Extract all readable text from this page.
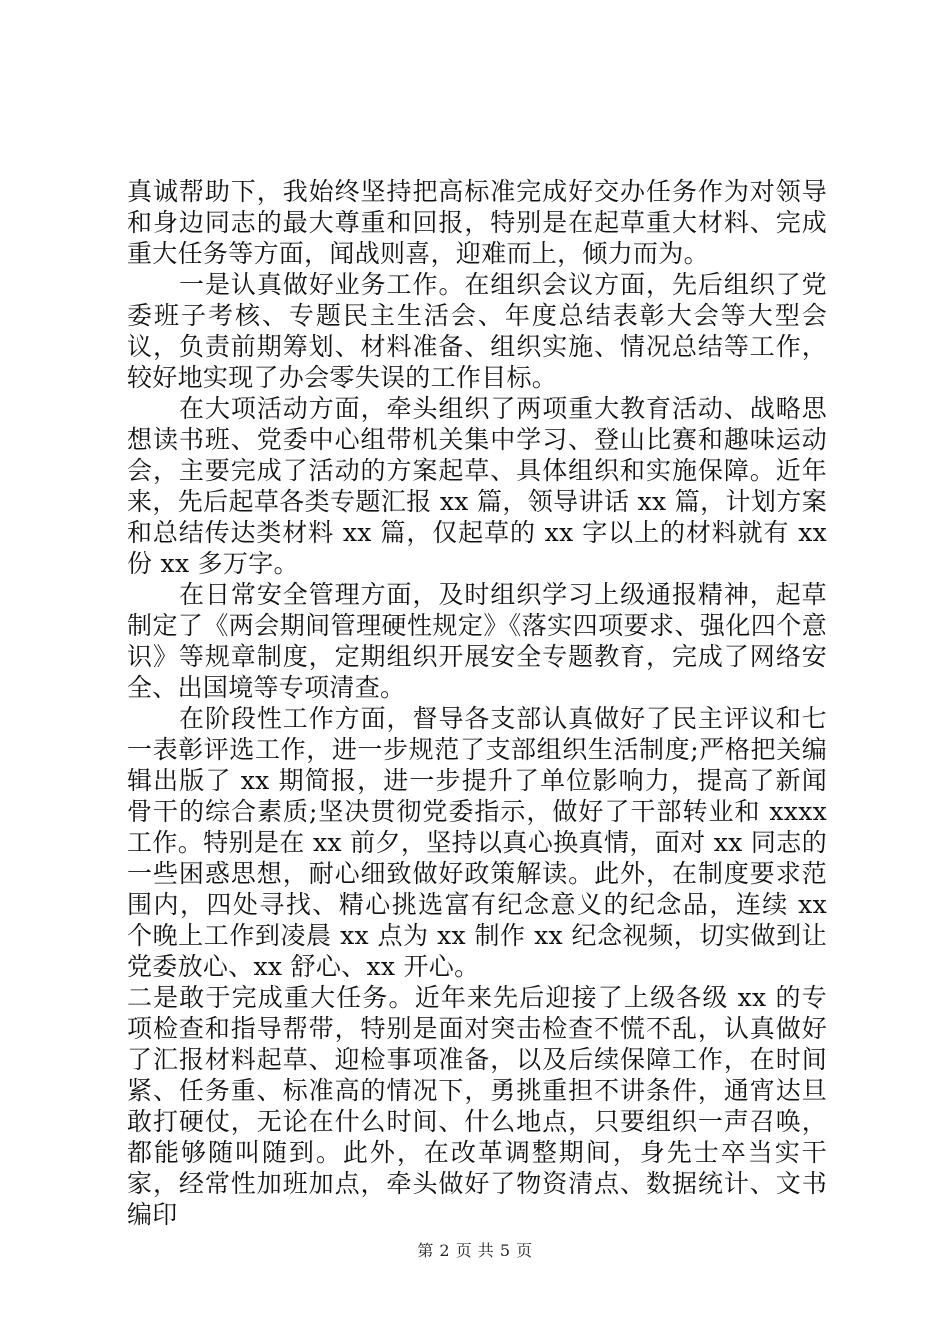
真诚帮助下，我始终坚持把高标准完成好交办任务作为对领导和身边同志的最大尊重和回报，特别是在起草重大材料、完成重大任务等方面，闻战则喜，迎难而上，倾力而为。

一是认真做好业务工作。在组织会议方面，先后组织了党委班子考核、专题民主生活会、年度总结表彰大会等大型会议，负责前期筹划、材料准备、组织实施、情况总结等工作，较好地实现了办会零失误的工作目标。

在大项活动方面，牵头组织了两项重大教育活动、战略思想读书班、党委中心组带机关集中学习、登山比赛和趣味运动会，主要完成了活动的方案起草、具体组织和实施保障。近年来，先后起草各类专题汇报 xx 篇，领导讲话 xx 篇，计划方案和总结传达类材料 xx 篇，仅起草的 xx 字以上的材料就有 xx 份 xx 多万字。

在日常安全管理方面，及时组织学习上级通报精神，起草制定了《两会期间管理硬性规定》《落实四项要求、强化四个意识》等规章制度，定期组织开展安全专题教育，完成了网络安全、出国境等专项清查。

在阶段性工作方面，督导各支部认真做好了民主评议和七一表彰评选工作，进一步规范了支部组织生活制度;严格把关编辑出版了 xx 期简报，进一步提升了单位影响力，提高了新闻骨干的综合素质;坚决贯彻党委指示，做好了干部转业和 xxxx 工作。特别是在 xx 前夕，坚持以真心换真情，面对 xx 同志的一些困惑思想，耐心细致做好政策解读。此外，在制度要求范围内，四处寻找、精心挑选富有纪念意义的纪念品，连续 xx 个晚上工作到凌晨 xx 点为 xx 制作 xx 纪念视频，切实做到让党委放心、xx 舒心、xx 开心。

二是敢于完成重大任务。近年来先后迎接了上级各级 xx 的专项检查和指导帮带，特别是面对突击检查不慌不乱，认真做好了汇报材料起草、迎检事项准备，以及后续保障工作，在时间紧、任务重、标准高的情况下，勇挑重担不讲条件，通宵达旦敢打硬仗，无论在什么时间、什么地点，只要组织一声召唤，都能够随叫随到。此外，在改革调整期间，身先士卒当实干家，经常性加班加点，牵头做好了物资清点、数据统计、文书编印

第 2 页 共 5 页
